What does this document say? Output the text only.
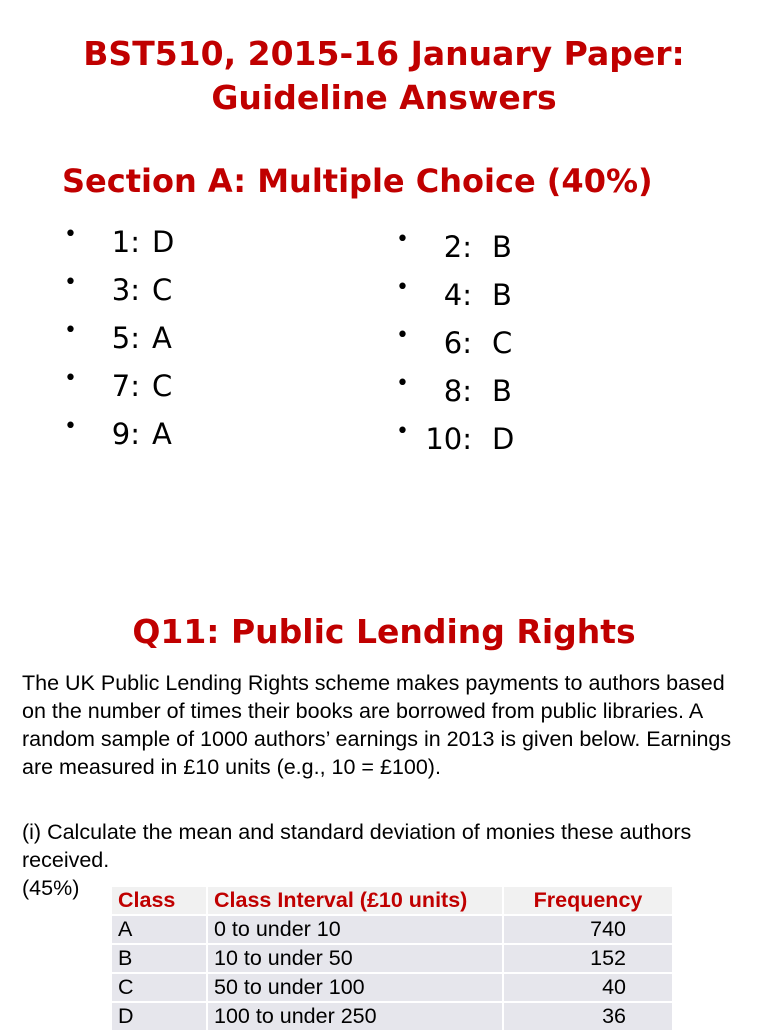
BST510, 2015-16 January Paper:
Guideline Answers
Section A: Multiple Choice (40%)
•	1: D
•	3: C
•	5: A
•	7: C
•	9: A
•	2: B
•	4: B
•	6: C
•	8: B
• 10: D
Q11: Public Lending Rights

The UK Public Lending Rights scheme makes payments to authors based on the number of times their books are borrowed from public libraries. A random sample of 1000 authors’ earnings in 2013 is given below. Earnings are measured in £10 units (e.g., 10 = £100).

(i) Calculate the mean and standard deviation of monies these authors received.

(45%) Class	Class Interval (£10 units)	Frequency
A	0 to under 10	740
B	10 to under 50	152
C	50 to under 100	40
D	100 to under 250	36
